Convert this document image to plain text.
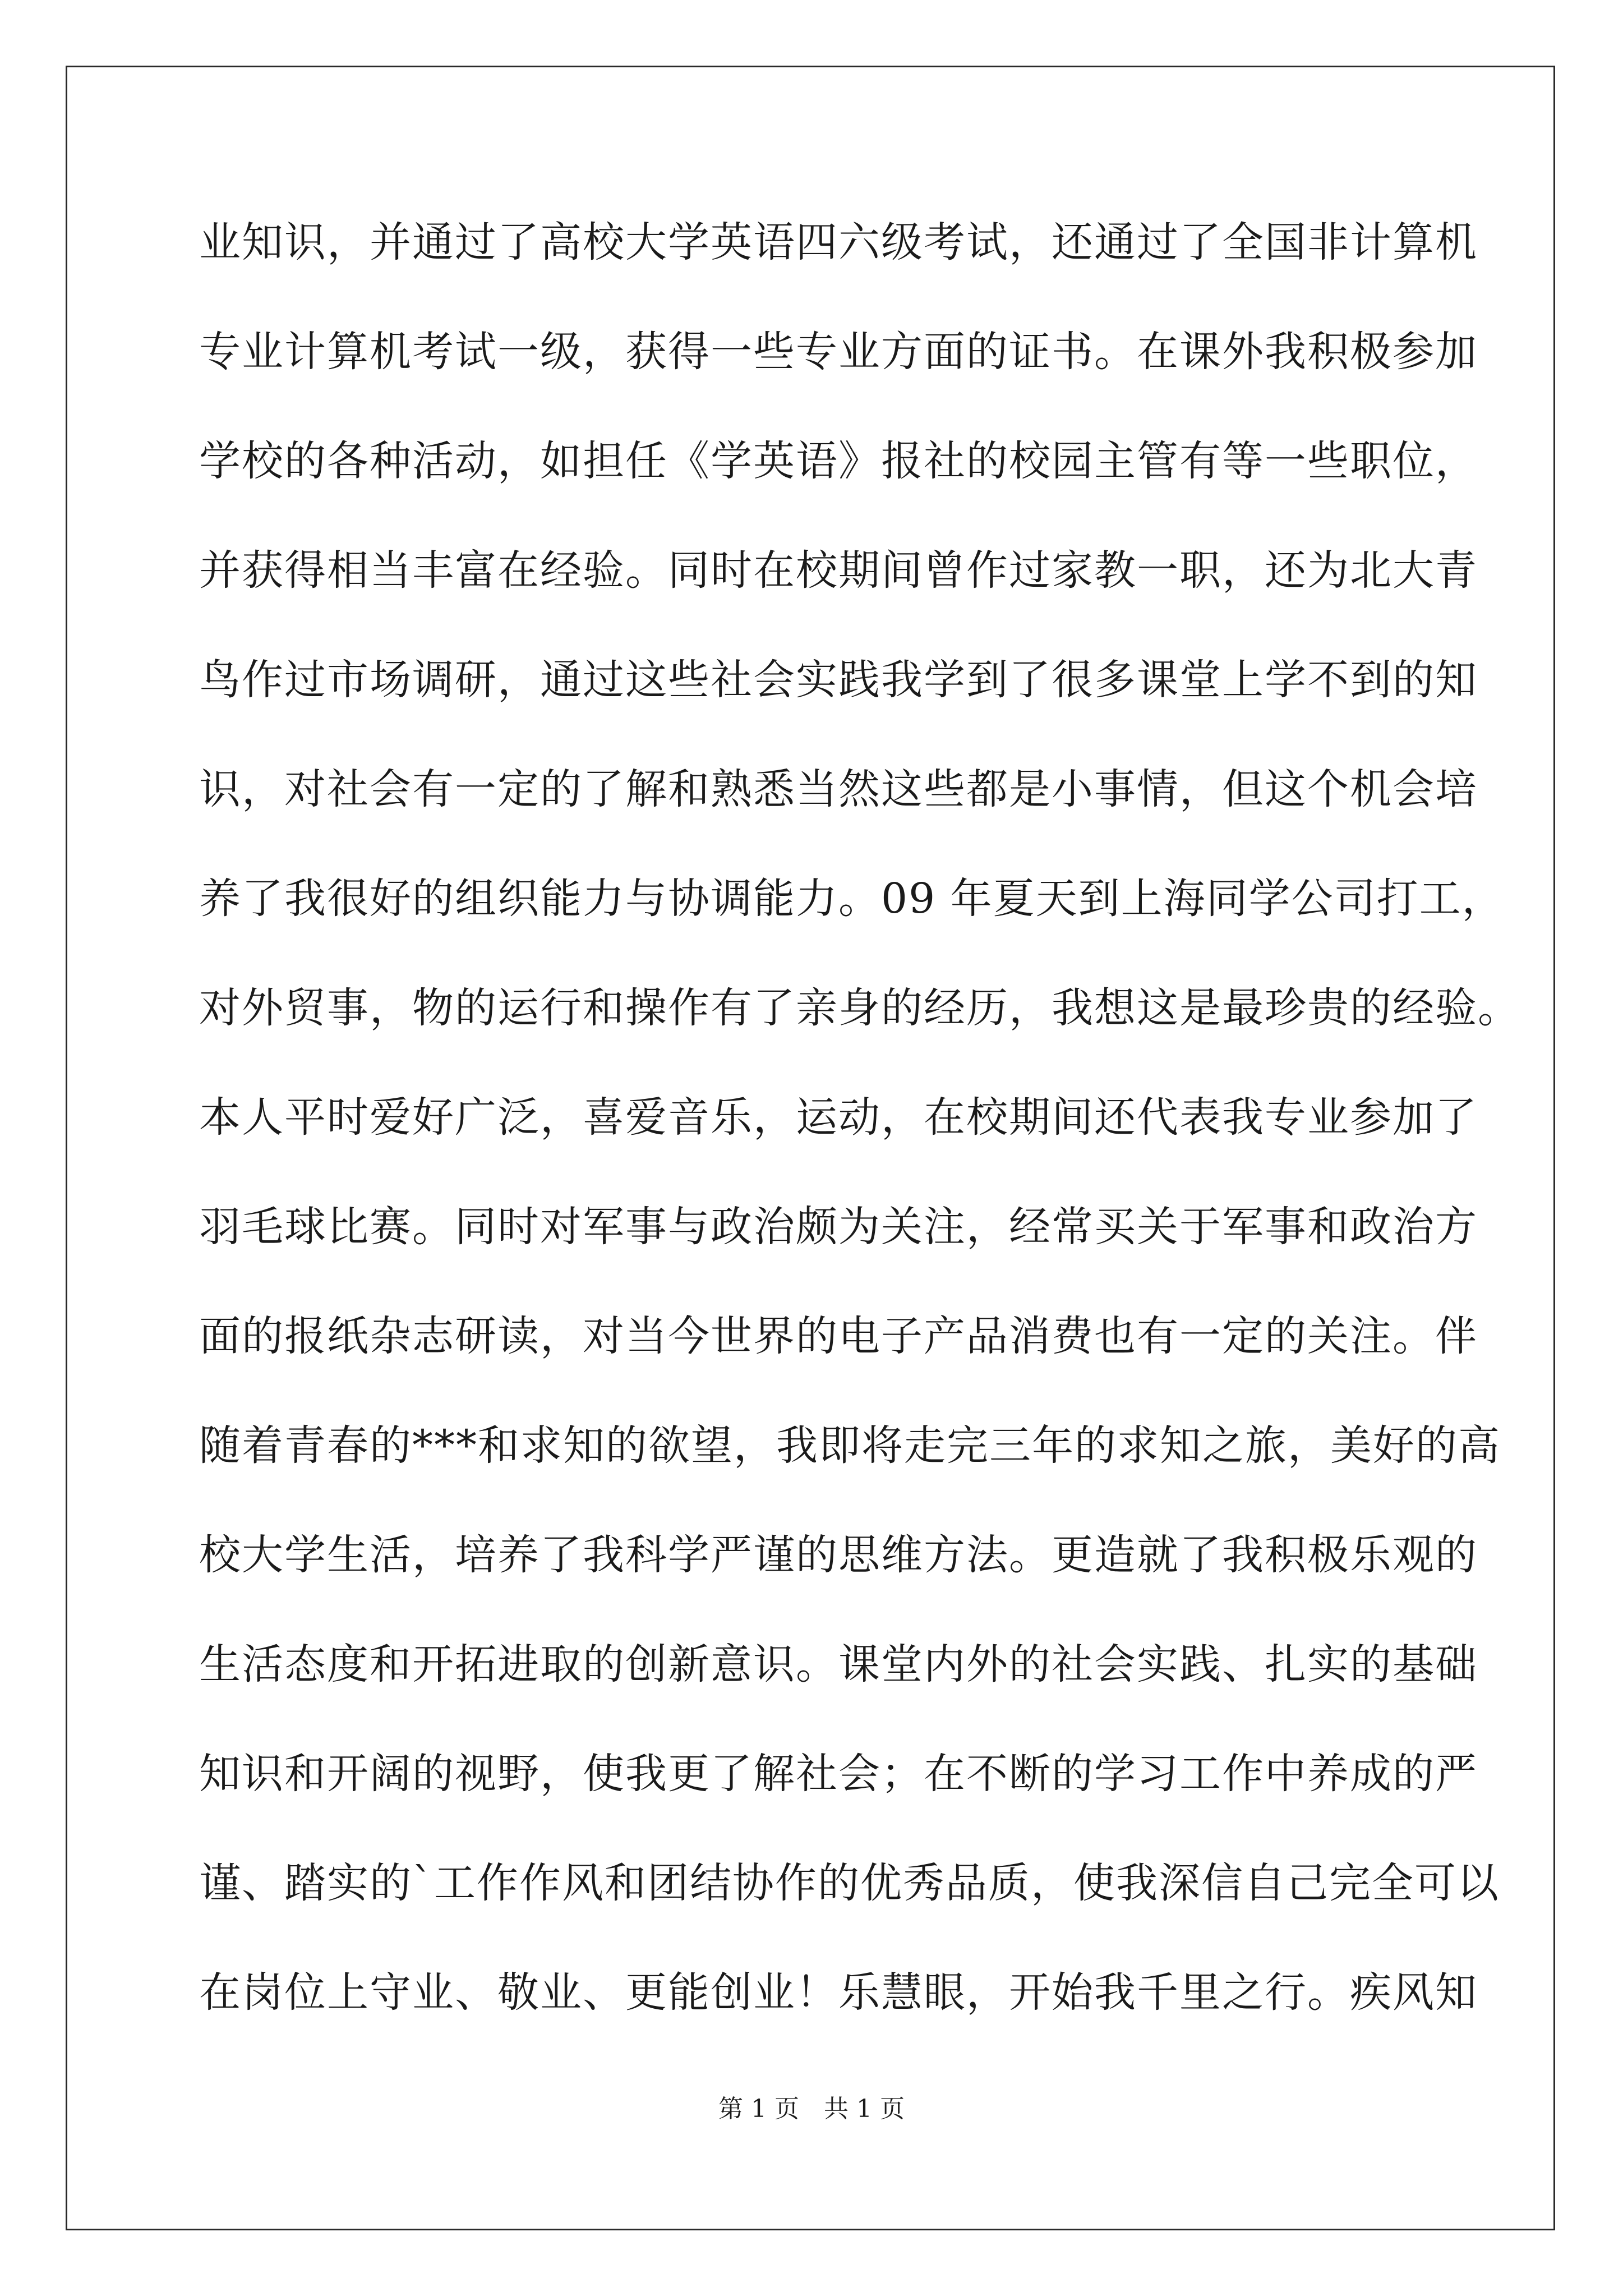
业知识，并通过了高校大学英语四六级考试，还通过了全国非计算机
专业计算机考试一级，获得一些专业方面的证书。在课外我积极参加
学校的各种活动，如担任《学英语》报社的校园主管有等一些职位，
并获得相当丰富在经验。同时在校期间曾作过家教一职，还为北大青
鸟作过市场调研，通过这些社会实践我学到了很多课堂上学不到的知
识，对社会有一定的了解和熟悉当然这些都是小事情，但这个机会培
养了我很好的组织能力与协调能力。09 年夏天到上海同学公司打工，
对外贸事，物的运行和操作有了亲身的经历，我想这是最珍贵的经验。
本人平时爱好广泛，喜爱音乐，运动，在校期间还代表我专业参加了
羽毛球比赛。同时对军事与政治颇为关注，经常买关于军事和政治方
面的报纸杂志研读，对当今世界的电子产品消费也有一定的关注。伴
随着青春的***和求知的欲望，我即将走完三年的求知之旅，美好的高
校大学生活，培养了我科学严谨的思维方法。更造就了我积极乐观的
生活态度和开拓进取的创新意识。课堂内外的社会实践、扎实的基础
知识和开阔的视野，使我更了解社会；在不断的学习工作中养成的严
谨、踏实的`工作作风和团结协作的优秀品质，使我深信自己完全可以
在岗位上守业、敬业、更能创业！乐慧眼，开始我千里之行。疾风知
第 1 页　共 1 页
